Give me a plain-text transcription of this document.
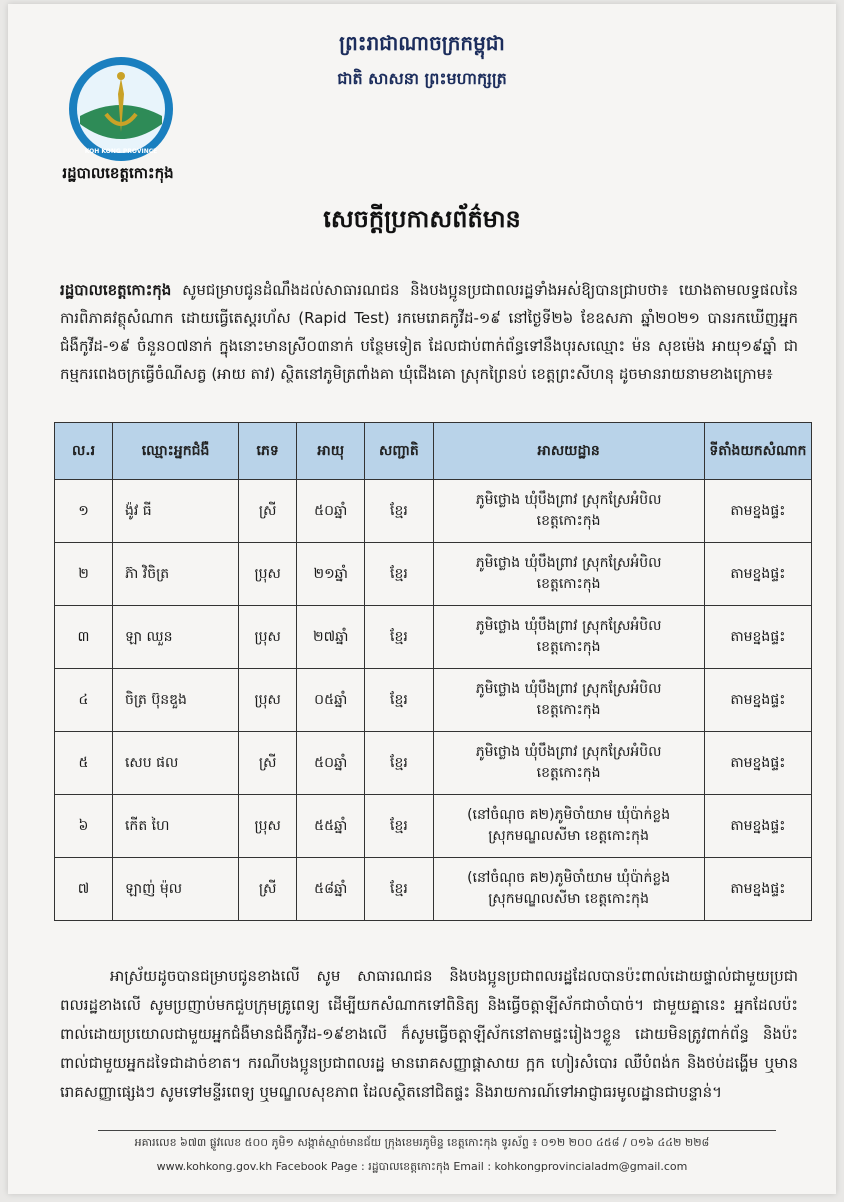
ព្រះរាជាណាចក្រកម្ពុជា
ជាតិ សាសនា ព្រះមហាក្សត្រ
KOH KONG PROVINCE
រដ្ឋបាលខេត្តកោះកុង
សេចក្តីប្រកាសព័ត៌មាន
រដ្ឋបាលខេត្តកោះកុង សូមជម្រាបជូនដំណឹងដល់សាធារណជន និងបងប្អូនប្រជាពលរដ្ឋទាំងអស់ឱ្យបានជ្រាបថា៖ យោងតាមលទ្ធផលនៃការពិភាគវត្ថុសំណាក ដោយធ្វើតេស្តរហ័ស (Rapid Test) រកមេរោគកូវីដ-១៩ នៅថ្ងៃទី២៦ ខែឧសភា ឆ្នាំ២០២១ បានរកឃើញអ្នកជំងឺកូវីដ-១៩ ចំនួន០៧នាក់ ក្នុងនោះមានស្រី០៣នាក់ បន្ថែមទៀត ដែលជាប់ពាក់ព័ន្ធទៅនឹងបុរសឈ្មោះ ម៉ន សុខម៉េង អាយុ១៩ឆ្នាំ ជាកម្មករពេងចក្រធ្វើចំណីសត្វ (អាយ តាវ) ស្ថិតនៅភូមិត្រពាំងគា ឃុំជើងគោ ស្រុកព្រៃនប់ ខេត្តព្រះសីហនុ ដូចមានរាយនាមខាងក្រោម៖
ល.រ	ឈ្មោះអ្នកជំងឺ	ភេទ	អាយុ	សញ្ជាតិ	អាសយដ្ឋាន	ទីតាំងយកសំណាក
១	ង៉ូវ ធី	ស្រី	៥០ឆ្នាំ	ខ្មែរ	ភូមិថ្លោង ឃុំបឹងព្រាវ ស្រុកស្រែអំបិល
ខេត្តកោះកុង	តាមខ្នងផ្ទះ
២	ភ៊ា វិចិត្រ	ប្រុស	២១ឆ្នាំ	ខ្មែរ	ភូមិថ្លោង ឃុំបឹងព្រាវ ស្រុកស្រែអំបិល
ខេត្តកោះកុង	តាមខ្នងផ្ទះ
៣	ឡា ឈួន	ប្រុស	២៧ឆ្នាំ	ខ្មែរ	ភូមិថ្លោង ឃុំបឹងព្រាវ ស្រុកស្រែអំបិល
ខេត្តកោះកុង	តាមខ្នងផ្ទះ
៤	ចិត្រ ប៊ុនឌួង	ប្រុស	០៥ឆ្នាំ	ខ្មែរ	ភូមិថ្លោង ឃុំបឹងព្រាវ ស្រុកស្រែអំបិល
ខេត្តកោះកុង	តាមខ្នងផ្ទះ
៥	សេប ផល	ស្រី	៥០ឆ្នាំ	ខ្មែរ	ភូមិថ្លោង ឃុំបឹងព្រាវ ស្រុកស្រែអំបិល
ខេត្តកោះកុង	តាមខ្នងផ្ទះ
៦	កើត ហៃ	ប្រុស	៥៥ឆ្នាំ	ខ្មែរ	(នៅចំណុច គ២)ភូមិចាំយាម ឃុំប៉ាក់ខ្លង
ស្រុកមណ្ឌលសីមា ខេត្តកោះកុង	តាមខ្នងផ្ទះ
៧	ឡាញ់ ម៉ុល	ស្រី	៥៨ឆ្នាំ	ខ្មែរ	(នៅចំណុច គ២)ភូមិចាំយាម ឃុំប៉ាក់ខ្លង
ស្រុកមណ្ឌលសីមា ខេត្តកោះកុង	តាមខ្នងផ្ទះ
អាស្រ័យដូចបានជម្រាបជូនខាងលើ សូម សាធារណជន និងបងប្អូនប្រជាពលរដ្ឋដែលបានប៉ះពាល់ដោយផ្ទាល់ជាមួយប្រជាពលរដ្ឋខាងលើ សូមប្រញាប់មកជួបក្រុមគ្រូពេទ្យ ដើម្បីយកសំណាកទៅពិនិត្យ និងធ្វើចត្តាឡីស័កជាចាំបាច់។ ជាមួយគ្នានេះ អ្នកដែលប៉ះពាល់ដោយប្រយោលជាមួយអ្នកជំងឺមានជំងឺកូវីដ-១៩ខាងលើ ក៏សូមធ្វើចត្តាឡីស័កនៅតាមផ្ទះរៀងៗខ្លួន ដោយមិនត្រូវពាក់ព័ន្ធ និងប៉ះពាល់ជាមួយអ្នកដទៃជាដាច់ខាត។ ករណីបងប្អូនប្រជាពលរដ្ឋ មានរោគសញ្ញាផ្តាសាយ ក្អក ហៀរសំបោរ ឈឺបំពង់ក និងថប់ដង្ហើម ឬមានរោគសញ្ញាផ្សេងៗ សូមទៅមន្ទីរពេទ្យ ឬមណ្ឌលសុខភាព ដែលស្ថិតនៅជិតផ្ទះ និងរាយការណ៍ទៅអាជ្ញាធរមូលដ្ឋានជាបន្ទាន់។
អគារលេខ ៦៧៣ ផ្លូវលេខ ៥០០ ភូមិ១ សង្កាត់ស្មាច់មានជ័យ ក្រុងខេមរភូមិន្ទ ខេត្តកោះកុង ទូរស័ព្ទ ៖ ០១២ ២០០ ៤៥៨ / ០១៦ ៤៤២ ២២៨
www.kohkong.gov.kh Facebook Page : រដ្ឋបាលខេត្តកោះកុង Email : kohkongprovincialadm@gmail.com
